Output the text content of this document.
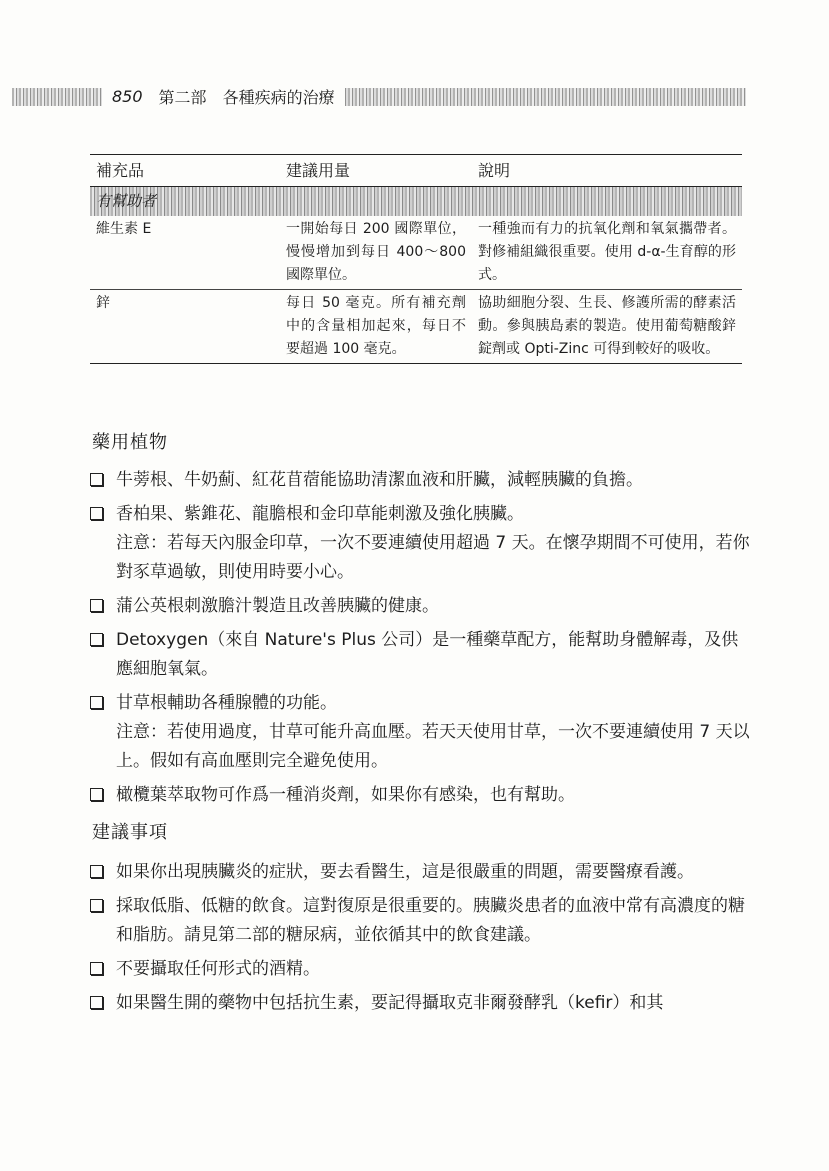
850 第二部 各種疾病的治療
補充品	建議用量	說明
有幫助者		
維生素 E	一開始每日 200 國際單位，慢慢增加到每日 400～800 國際單位。	一種強而有力的抗氧化劑和氧氣攜帶者。對修補組織很重要。使用 d-α-生育醇的形式。
鋅	每日 50 毫克。所有補充劑中的含量相加起來，每日不要超過 100 毫克。	協助細胞分裂、生長、修護所需的酵素活動。參與胰島素的製造。使用葡萄糖酸鋅錠劑或 Opti-Zinc 可得到較好的吸收。
藥用植物
牛蒡根、牛奶薊、紅花苜蓿能協助清潔血液和肝臟，減輕胰臟的負擔。
香柏果、紫錐花、龍膽根和金印草能刺激及強化胰臟。
注意：若每天內服金印草，一次不要連續使用超過 7 天。在懷孕期間不可使用，若你對豕草過敏，則使用時要小心。
蒲公英根刺激膽汁製造且改善胰臟的健康。
Detoxygen（來自 Nature's Plus 公司）是一種藥草配方，能幫助身體解毒，及供應細胞氧氣。
甘草根輔助各種腺體的功能。
注意：若使用過度，甘草可能升高血壓。若天天使用甘草，一次不要連續使用 7 天以上。假如有高血壓則完全避免使用。
橄欖葉萃取物可作爲一種消炎劑，如果你有感染，也有幫助。
建議事項
如果你出現胰臟炎的症狀，要去看醫生，這是很嚴重的問題，需要醫療看護。
採取低脂、低糖的飲食。這對復原是很重要的。胰臟炎患者的血液中常有高濃度的糖和脂肪。請見第二部的糖尿病，並依循其中的飲食建議。
不要攝取任何形式的酒精。
如果醫生開的藥物中包括抗生素，要記得攝取克非爾發酵乳（kefir）和其
